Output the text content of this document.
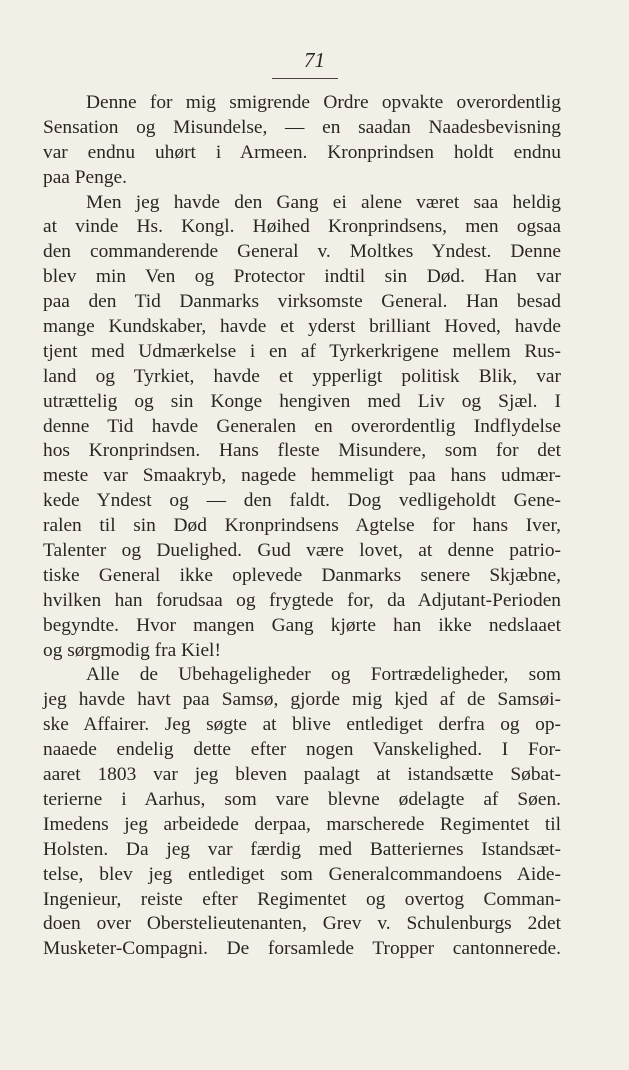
71
Denne for mig smigrende Ordre opvakte overordentlig
Sensation og Misundelse, — en saadan Naadesbevisning
var endnu uhørt i Armeen. Kronprindsen holdt endnu
paa Penge.
Men jeg havde den Gang ei alene været saa heldig
at vinde Hs. Kongl. Høihed Kronprindsens, men ogsaa
den commanderende General v. Moltkes Yndest. Denne
blev min Ven og Protector indtil sin Død. Han var
paa den Tid Danmarks virksomste General. Han besad
mange Kundskaber, havde et yderst brilliant Hoved, havde
tjent med Udmærkelse i en af Tyrkerkrigene mellem Rus-
land og Tyrkiet, havde et ypperligt politisk Blik, var
utrættelig og sin Konge hengiven med Liv og Sjæl. I
denne Tid havde Generalen en overordentlig Indflydelse
hos Kronprindsen. Hans fleste Misundere, som for det
meste var Smaakryb, nagede hemmeligt paa hans udmær-
kede Yndest og — den faldt. Dog vedligeholdt Gene-
ralen til sin Død Kronprindsens Agtelse for hans Iver,
Talenter og Duelighed. Gud være lovet, at denne patrio-
tiske General ikke oplevede Danmarks senere Skjæbne,
hvilken han forudsaa og frygtede for, da Adjutant-Perioden
begyndte. Hvor mangen Gang kjørte han ikke nedslaaet
og sørgmodig fra Kiel!
Alle de Ubehageligheder og Fortrædeligheder, som
jeg havde havt paa Samsø, gjorde mig kjed af de Samsøi-
ske Affairer. Jeg søgte at blive entlediget derfra og op-
naaede endelig dette efter nogen Vanskelighed. I For-
aaret 1803 var jeg bleven paalagt at istandsætte Søbat-
terierne i Aarhus, som vare blevne ødelagte af Søen.
Imedens jeg arbeidede derpaa, marscherede Regimentet til
Holsten. Da jeg var færdig med Batteriernes Istandsæt-
telse, blev jeg entlediget som Generalcommandoens Aide-
Ingenieur, reiste efter Regimentet og overtog Comman-
doen over Oberstelieutenanten, Grev v. Schulenburgs 2det
Musketer-Compagni. De forsamlede Tropper cantonnerede.
